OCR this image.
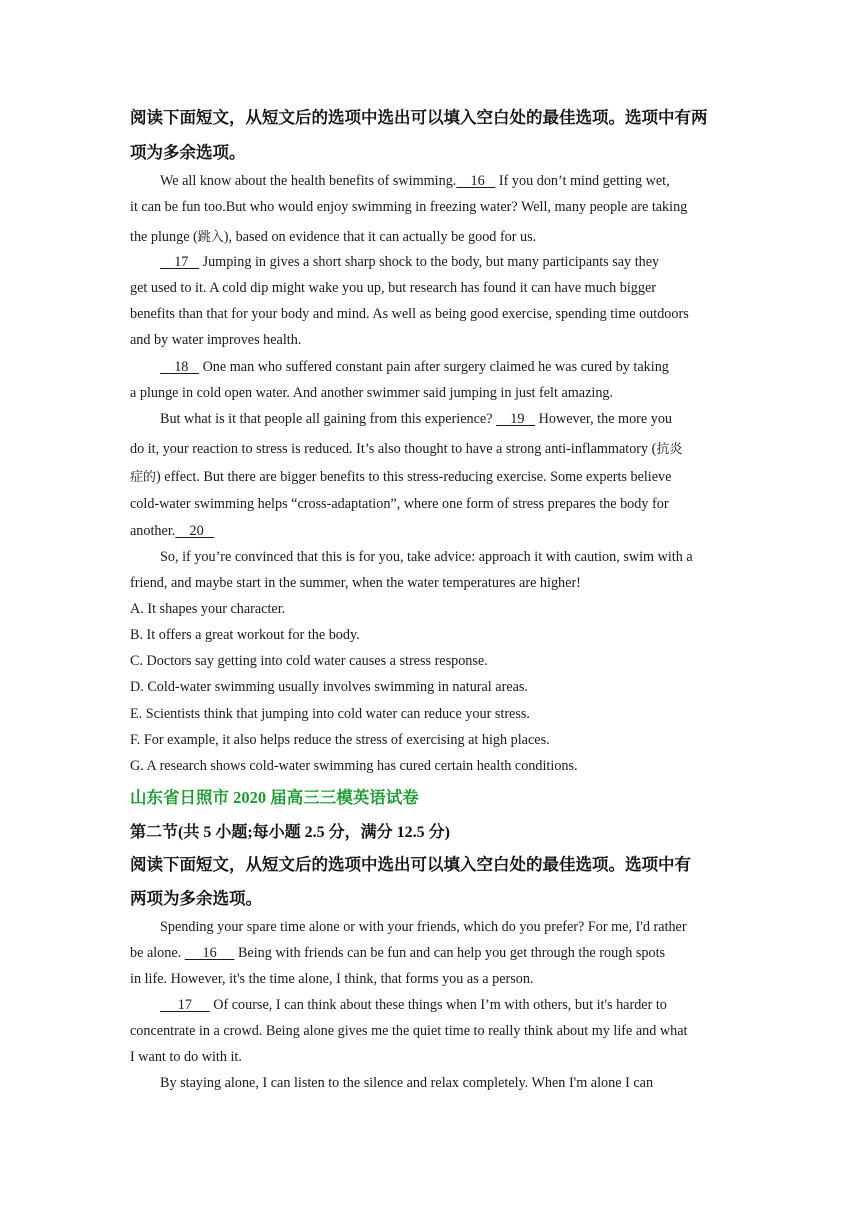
阅读下面短文，从短文后的选项中选出可以填入空白处的最佳选项。选项中有两
项为多余选项。
We all know about the health benefits of swimming.    16    If you don’t mind getting wet,
it can be fun too.But who would enjoy swimming in freezing water? Well, many people are taking
the plunge (跳入), based on evidence that it can actually be good for us.
17    Jumping in gives a short sharp shock to the body, but many participants say they
get used to it. A cold dip might wake you up, but research has found it can have much bigger
benefits than that for your body and mind. As well as being good exercise, spending time outdoors
and by water improves health.
18    One man who suffered constant pain after surgery claimed he was cured by taking
a plunge in cold open water. And another swimmer said jumping in just felt amazing.
But what is it that people all gaining from this experience?     19    However, the more you
do it, your reaction to stress is reduced. It’s also thought to have a strong anti-inflammatory (抗炎
症的) effect. But there are bigger benefits to this stress-reducing exercise. Some experts believe
cold-water swimming helps “cross-adaptation”, where one form of stress prepares the body for
another.    20
So, if you’re convinced that this is for you, take advice: approach it with caution, swim with a
friend, and maybe start in the summer, when the water temperatures are higher!
A. It shapes your character.
B. It offers a great workout for the body.
C. Doctors say getting into cold water causes a stress response.
D. Cold-water swimming usually involves swimming in natural areas.
E. Scientists think that jumping into cold water can reduce your stress.
F. For example, it also helps reduce the stress of exercising at high places.
G. A research shows cold-water swimming has cured certain health conditions.
山东省日照市 2020 届高三三模英语试卷
第二节(共 5 小题;每小题 2.5 分，满分 12.5 分)
阅读下面短文，从短文后的选项中选出可以填入空白处的最佳选项。选项中有
两项为多余选项。
Spending your spare time alone or with your friends, which do you prefer? For me, I'd rather
be alone.      16      Being with friends can be fun and can help you get through the rough spots
in life. However, it's the time alone, I think, that forms you as a person.
17      Of course, I can think about these things when I’m with others, but it's harder to
concentrate in a crowd. Being alone gives me the quiet time to really think about my life and what
I want to do with it.
By staying alone, I can listen to the silence and relax completely. When I'm alone I can
